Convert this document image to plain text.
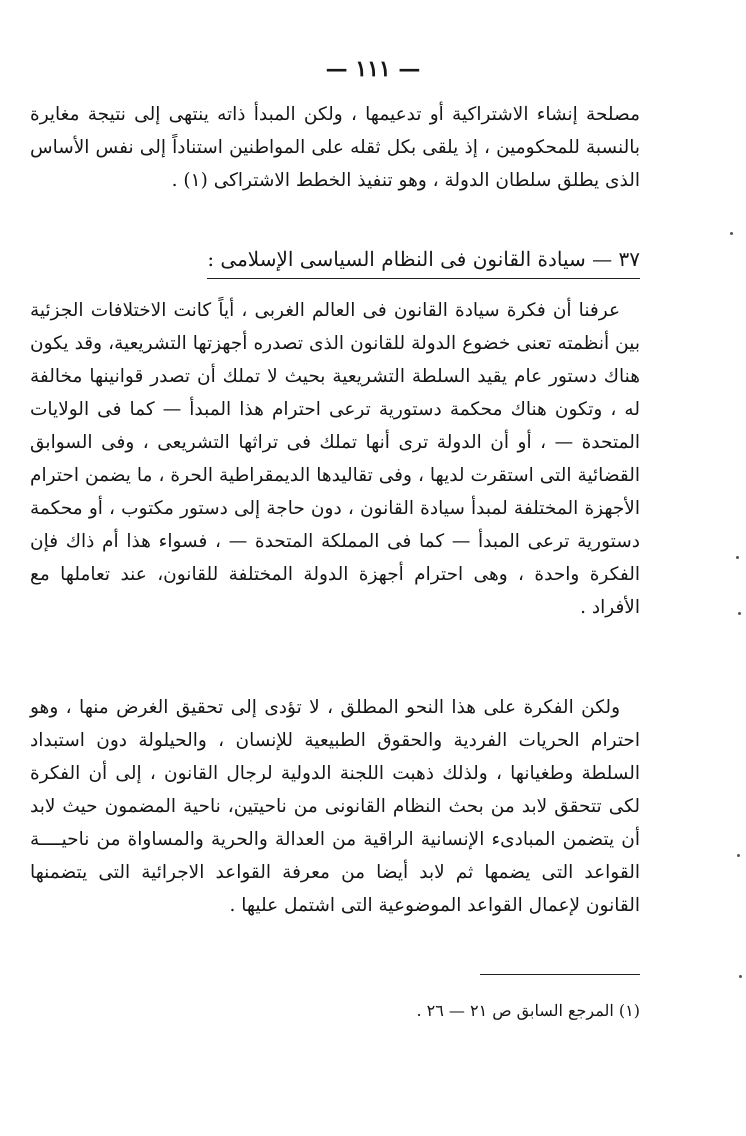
— ١١١ —

مصلحة إنشاء الاشتراكية أو تدعيمها ، ولكن المبدأ ذاته ينتهى إلى نتيجة مغايرة بالنسبة للمحكومين ، إذ يلقى بكل ثقله على المواطنين استناداً إلى نفس الأساس الذى يطلق سلطان الدولة ، وهو تنفيذ الخطط الاشتراكى (١) .

٣٧ — سيادة القانون فى النظام السياسى الإسلامى :

عرفنا أن فكرة سيادة القانون فى العالم الغربى ، أياً كانت الاختلافات الجزئية بين أنظمته تعنى خضوع الدولة للقانون الذى تصدره أجهزتها التشريعية، وقد يكون هناك دستور عام يقيد السلطة التشريعية بحيث لا تملك أن تصدر قوانينها مخالفة له ، وتكون هناك محكمة دستورية ترعى احترام هذا المبدأ — كما فى الولايات المتحدة — ، أو أن الدولة ترى أنها تملك فى تراثها التشريعى ، وفى السوابق القضائية التى استقرت لديها ، وفى تقاليدها الديمقراطية الحرة ، ما يضمن احترام الأجهزة المختلفة لمبدأ سيادة القانون ، دون حاجة إلى دستور مكتوب ، أو محكمة دستورية ترعى المبدأ — كما فى المملكة المتحدة — ، فسواء هذا أم ذاك فإن الفكرة واحدة ، وهى احترام أجهزة الدولة المختلفة للقانون، عند تعاملها مع الأفراد .

ولكن الفكرة على هذا النحو المطلق ، لا تؤدى إلى تحقيق الغرض منها ، وهو احترام الحريات الفردية والحقوق الطبيعية للإنسان ، والحيلولة دون استبداد السلطة وطغيانها ، ولذلك ذهبت اللجنة الدولية لرجال القانون ، إلى أن الفكرة لكى تتحقق لابد من بحث النظام القانونى من ناحيتين، ناحية المضمون حيث لابد أن يتضمن المبادىء الإنسانية الراقية من العدالة والحرية والمساواة من ناحيــــة القواعد التى يضمها ثم لابد أيضا من معرفة القواعد الاجرائية التى يتضمنها القانون لإعمال القواعد الموضوعية التى اشتمل عليها .

(١) المرجع السابق ص ٢١ — ٢٦ .
